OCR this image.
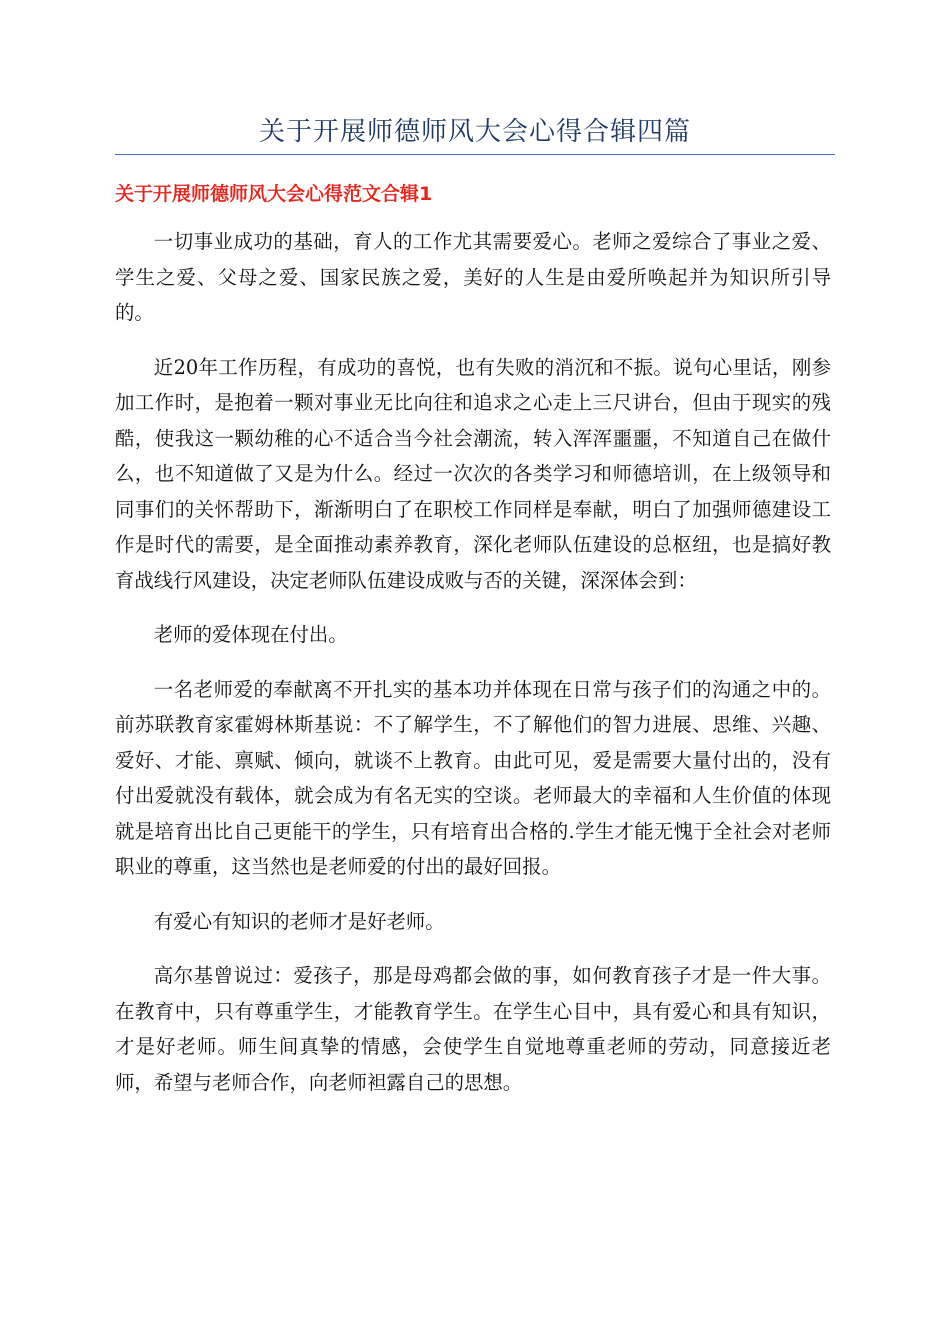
关于开展师德师风大会心得合辑四篇
关于开展师德师风大会心得范文合辑1

一切事业成功的基础，育人的工作尤其需要爱心。老师之爱综合了事业之爱、学生之爱、父母之爱、国家民族之爱，美好的人生是由爱所唤起并为知识所引导的。

近20年工作历程，有成功的喜悦，也有失败的消沉和不振。说句心里话，刚参加工作时，是抱着一颗对事业无比向往和追求之心走上三尺讲台，但由于现实的残酷，使我这一颗幼稚的心不适合当今社会潮流，转入浑浑噩噩，不知道自己在做什么，也不知道做了又是为什么。经过一次次的各类学习和师德培训，在上级领导和同事们的关怀帮助下，渐渐明白了在职校工作同样是奉献，明白了加强师德建设工作是时代的需要，是全面推动素养教育，深化老师队伍建设的总枢纽，也是搞好教育战线行风建设，决定老师队伍建设成败与否的关键，深深体会到：

老师的爱体现在付出。

一名老师爱的奉献离不开扎实的基本功并体现在日常与孩子们的沟通之中的。前苏联教育家霍姆林斯基说：不了解学生，不了解他们的智力进展、思维、兴趣、爱好、才能、禀赋、倾向，就谈不上教育。由此可见，爱是需要大量付出的，没有付出爱就没有载体，就会成为有名无实的空谈。老师最大的幸福和人生价值的体现就是培育出比自己更能干的学生，只有培育出合格的.学生才能无愧于全社会对老师职业的尊重，这当然也是老师爱的付出的最好回报。

有爱心有知识的老师才是好老师。

高尔基曾说过：爱孩子，那是母鸡都会做的事，如何教育孩子才是一件大事。在教育中，只有尊重学生，才能教育学生。在学生心目中，具有爱心和具有知识，才是好老师。师生间真挚的情感，会使学生自觉地尊重老师的劳动，同意接近老师，希望与老师合作，向老师袒露自己的思想。
